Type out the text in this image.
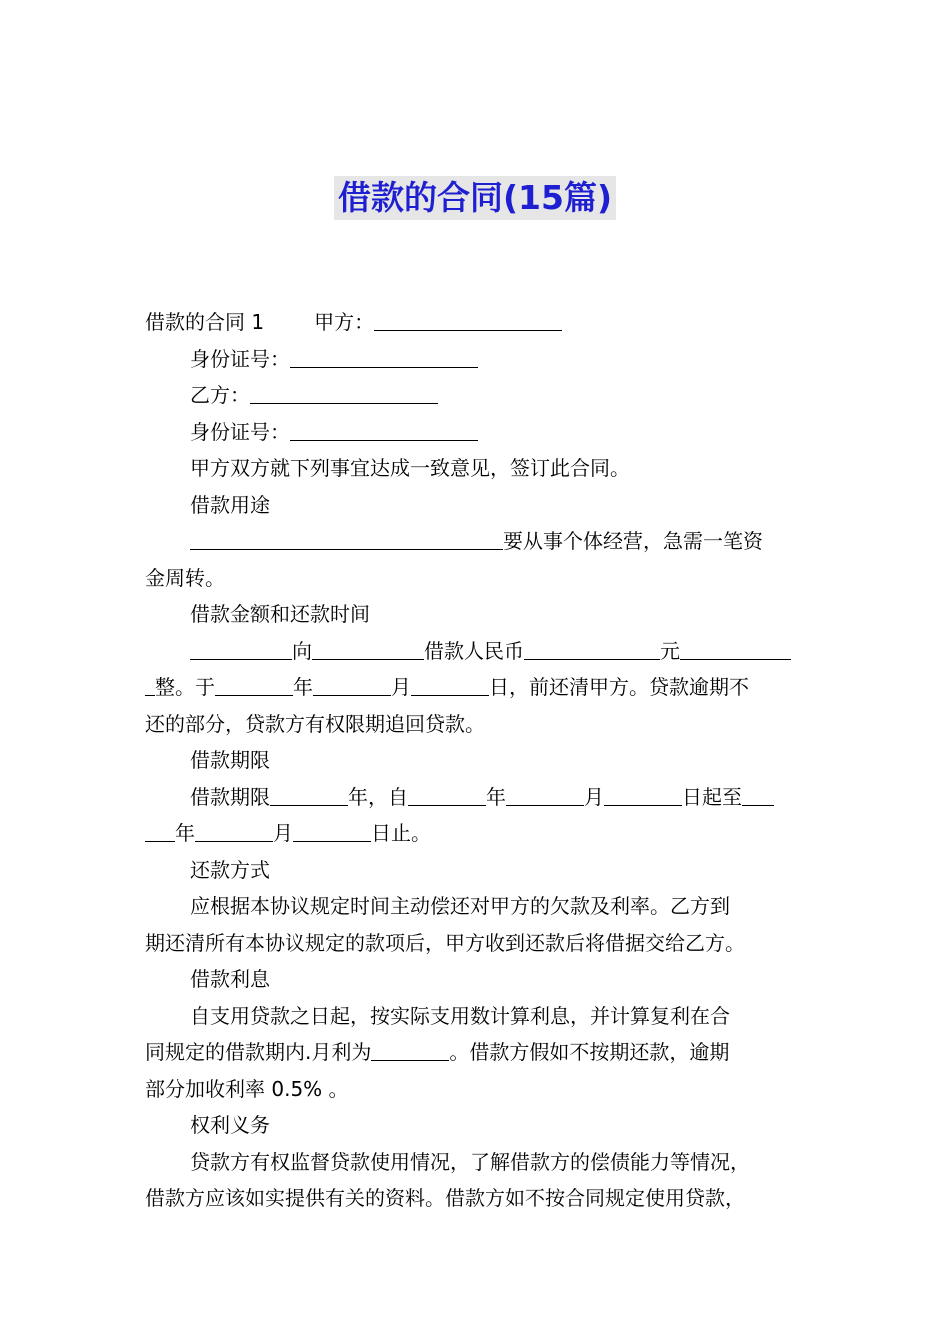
借款的合同(15篇)
借款的合同 1	甲方：
身份证号：
乙方：
身份证号：
甲方双方就下列事宜达成一致意见，签订此合同。
借款用途
要从事个体经营，急需一笔资
金周转。
借款金额和还款时间
向	借款人民币	元
整。于	年	月	日，前还清甲方。贷款逾期不
还的部分，贷款方有权限期追回贷款。
借款期限
借款期限	年，自	年	月	日起至
年	月	日止。
还款方式
应根据本协议规定时间主动偿还对甲方的欠款及利率。乙方到
期还清所有本协议规定的款项后，甲方收到还款后将借据交给乙方。
借款利息
自支用贷款之日起，按实际支用数计算利息，并计算复利在合
同规定的借款期内.月利为	。借款方假如不按期还款，逾期
部分加收利率 0.5% 。
权利义务
贷款方有权监督贷款使用情况，了解借款方的偿债能力等情况，
借款方应该如实提供有关的资料。借款方如不按合同规定使用贷款，
